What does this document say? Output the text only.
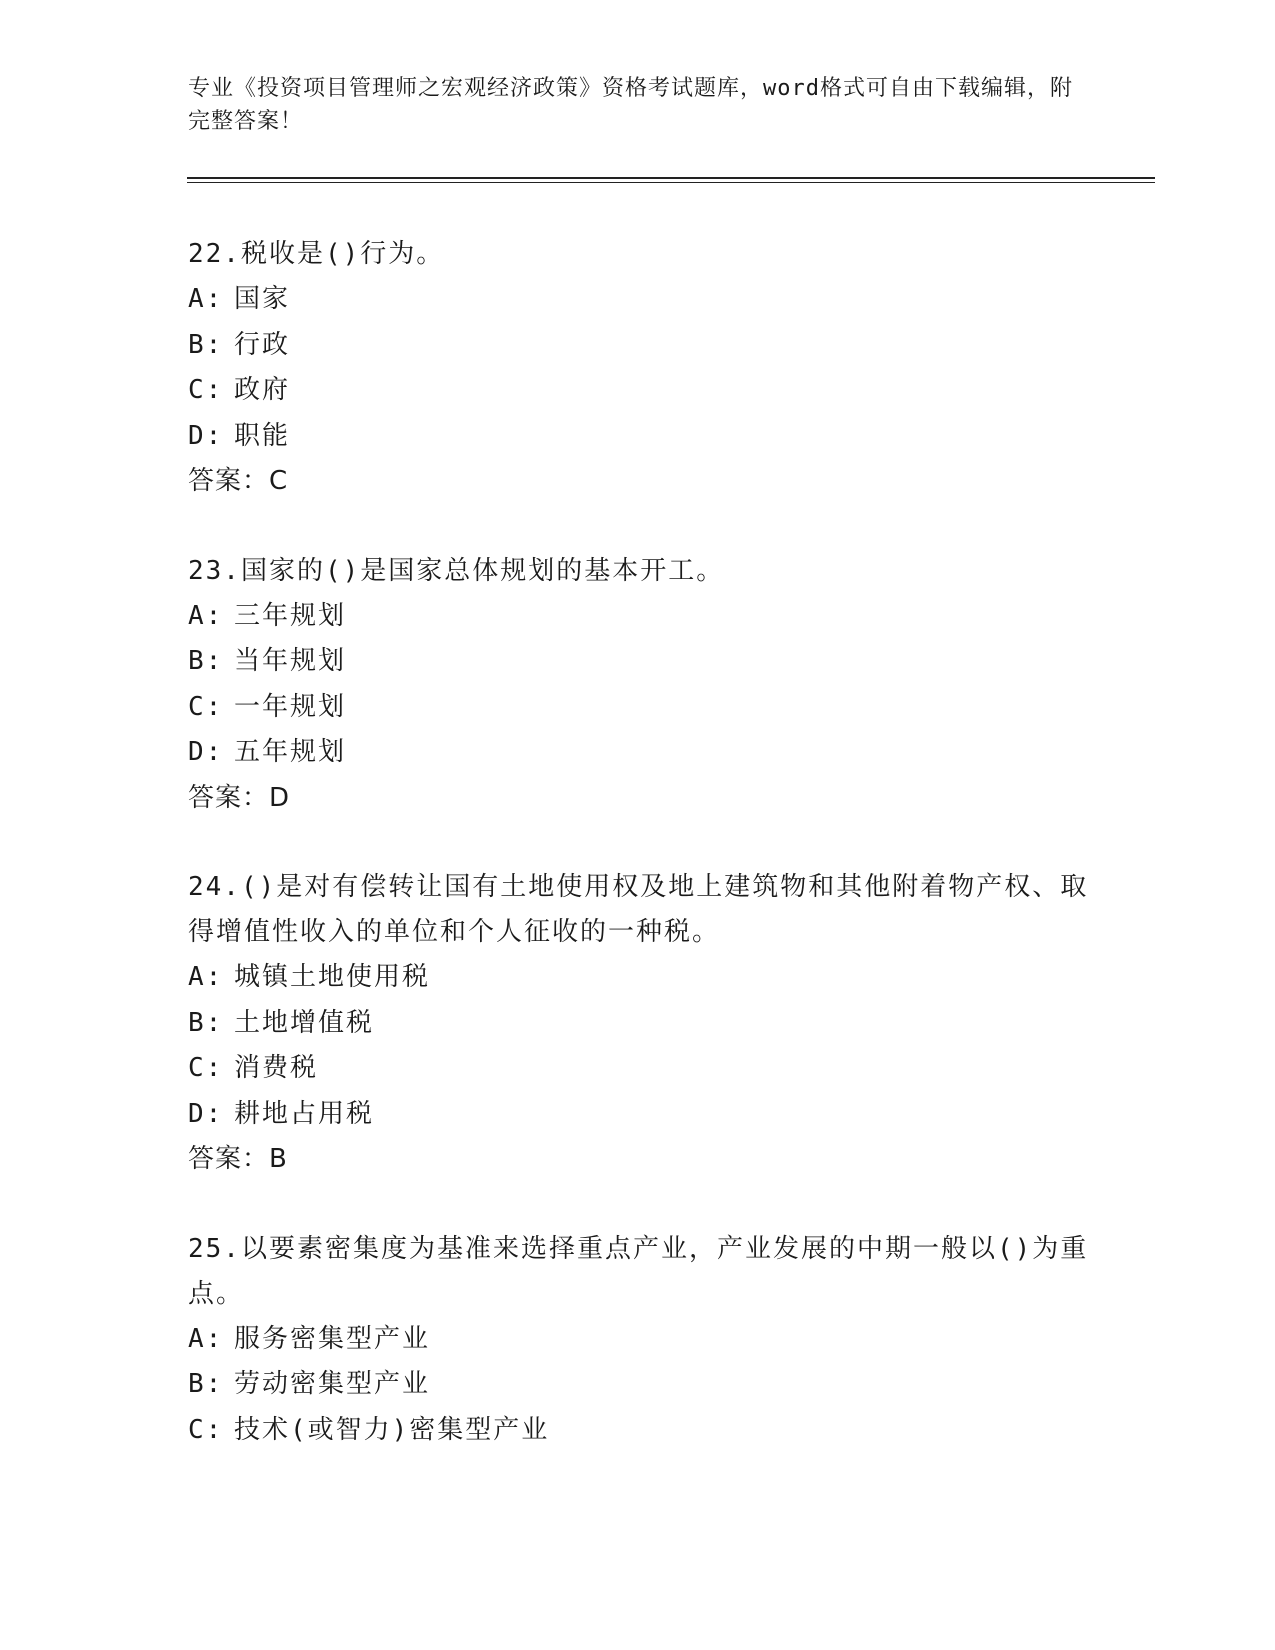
专业《投资项目管理师之宏观经济政策》资格考试题库，word格式可自由下载编辑，附完整答案！

22.税收是()行为。

A: 国家

B: 行政

C: 政府

D: 职能

答案：C

23.国家的()是国家总体规划的基本开工。

A: 三年规划

B: 当年规划

C: 一年规划

D: 五年规划

答案：D

24.()是对有偿转让国有土地使用权及地上建筑物和其他附着物产权、取得增值性收入的单位和个人征收的一种税。

A: 城镇土地使用税

B: 土地增值税

C: 消费税

D: 耕地占用税

答案：B

25.以要素密集度为基准来选择重点产业，产业发展的中期一般以()为重点。

A: 服务密集型产业

B: 劳动密集型产业

C: 技术(或智力)密集型产业
